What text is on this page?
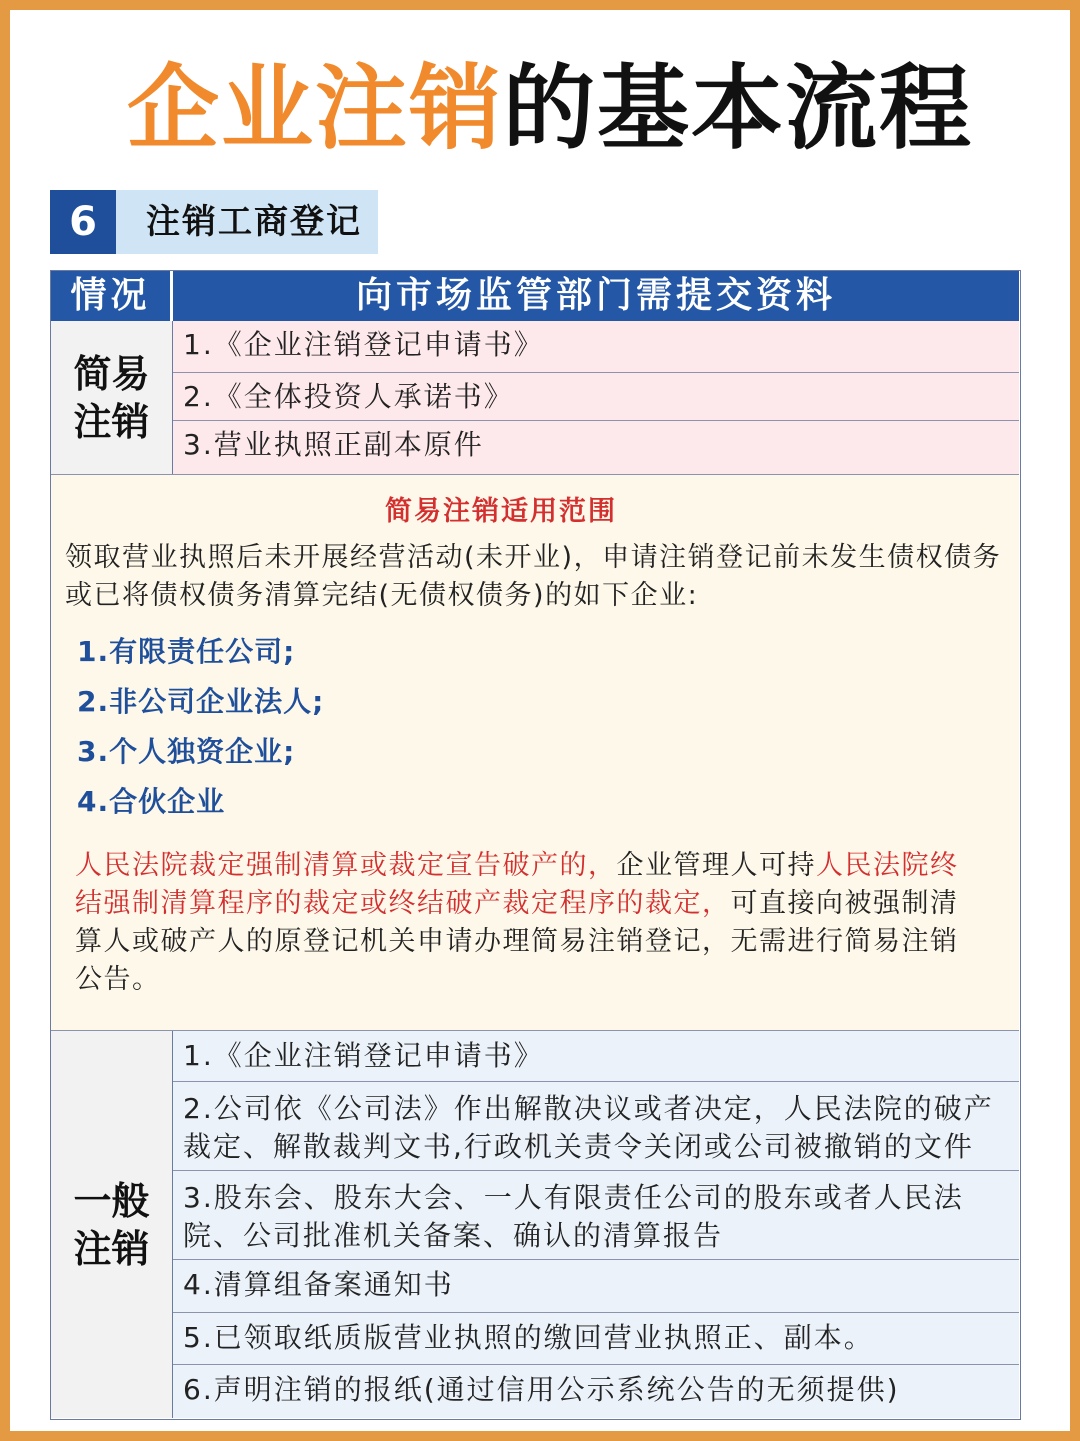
企业注销的基本流程
6	注销工商登记
情况	向市场监管部门需提交资料
简易
注销
1.《企业注销登记申请书》
2.《全体投资人承诺书》
3.营业执照正副本原件
简易注销适用范围
领取营业执照后未开展经营活动(未开业)，申请注销登记前未发生债权债务或已将债权债务清算完结(无债权债务)的如下企业:
1.有限责任公司;
2.非公司企业法人;
3.个人独资企业;
4.合伙企业
人民法院裁定强制清算或裁定宣告破产的，企业管理人可持人民法院终结强制清算程序的裁定或终结破产裁定程序的裁定，可直接向被强制清算人或破产人的原登记机关申请办理简易注销登记，无需进行简易注销公告。
一般
注销
1.《企业注销登记申请书》
2.公司依《公司法》作出解散决议或者决定，人民法院的破产裁定、解散裁判文书,行政机关责令关闭或公司被撤销的文件
3.股东会、股东大会、一人有限责任公司的股东或者人民法院、公司批准机关备案、确认的清算报告
4.清算组备案通知书
5.已领取纸质版营业执照的缴回营业执照正、副本。
6.声明注销的报纸(通过信用公示系统公告的无须提供)
